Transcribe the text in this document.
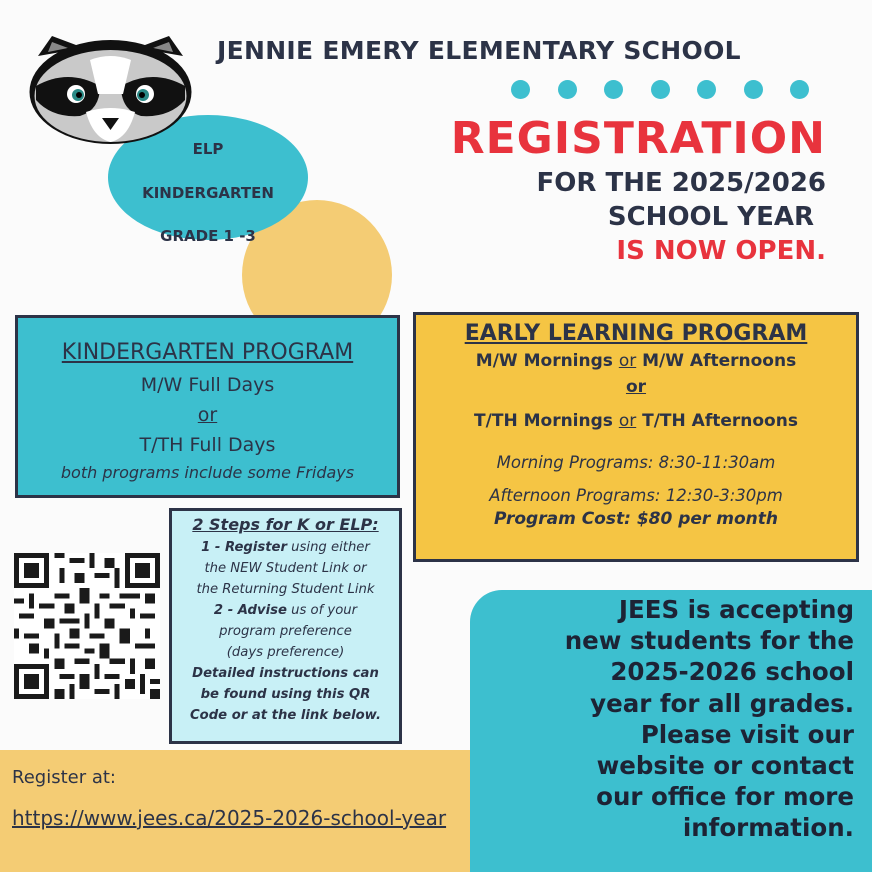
ELP
KINDERGARTEN
GRADE 1 -3
JENNIE EMERY ELEMENTARY SCHOOL
REGISTRATION
FOR THE 2025/2026
SCHOOL YEAR
IS NOW OPEN.
KINDERGARTEN PROGRAM
M/W Full Days
or
T/TH Full Days
both programs include some Fridays
EARLY LEARNING PROGRAM
M/W Mornings or M/W Afternoons
or
T/TH Mornings or T/TH Afternoons
Morning Programs: 8:30-11:30am
Afternoon Programs: 12:30-3:30pm
Program Cost: $80 per month
2 Steps for K or ELP:
1 - Register using either
the NEW Student Link or
the Returning Student Link
2 - Advise us of your
program preference
(days preference)
Detailed instructions can
be found using this QR
Code or at the link below.
Register at:
https://www.jees.ca/2025-2026-school-year
JEES is accepting
new students for the
2025-2026 school
year for all grades.
Please visit our
website or contact
our office for more
information.
